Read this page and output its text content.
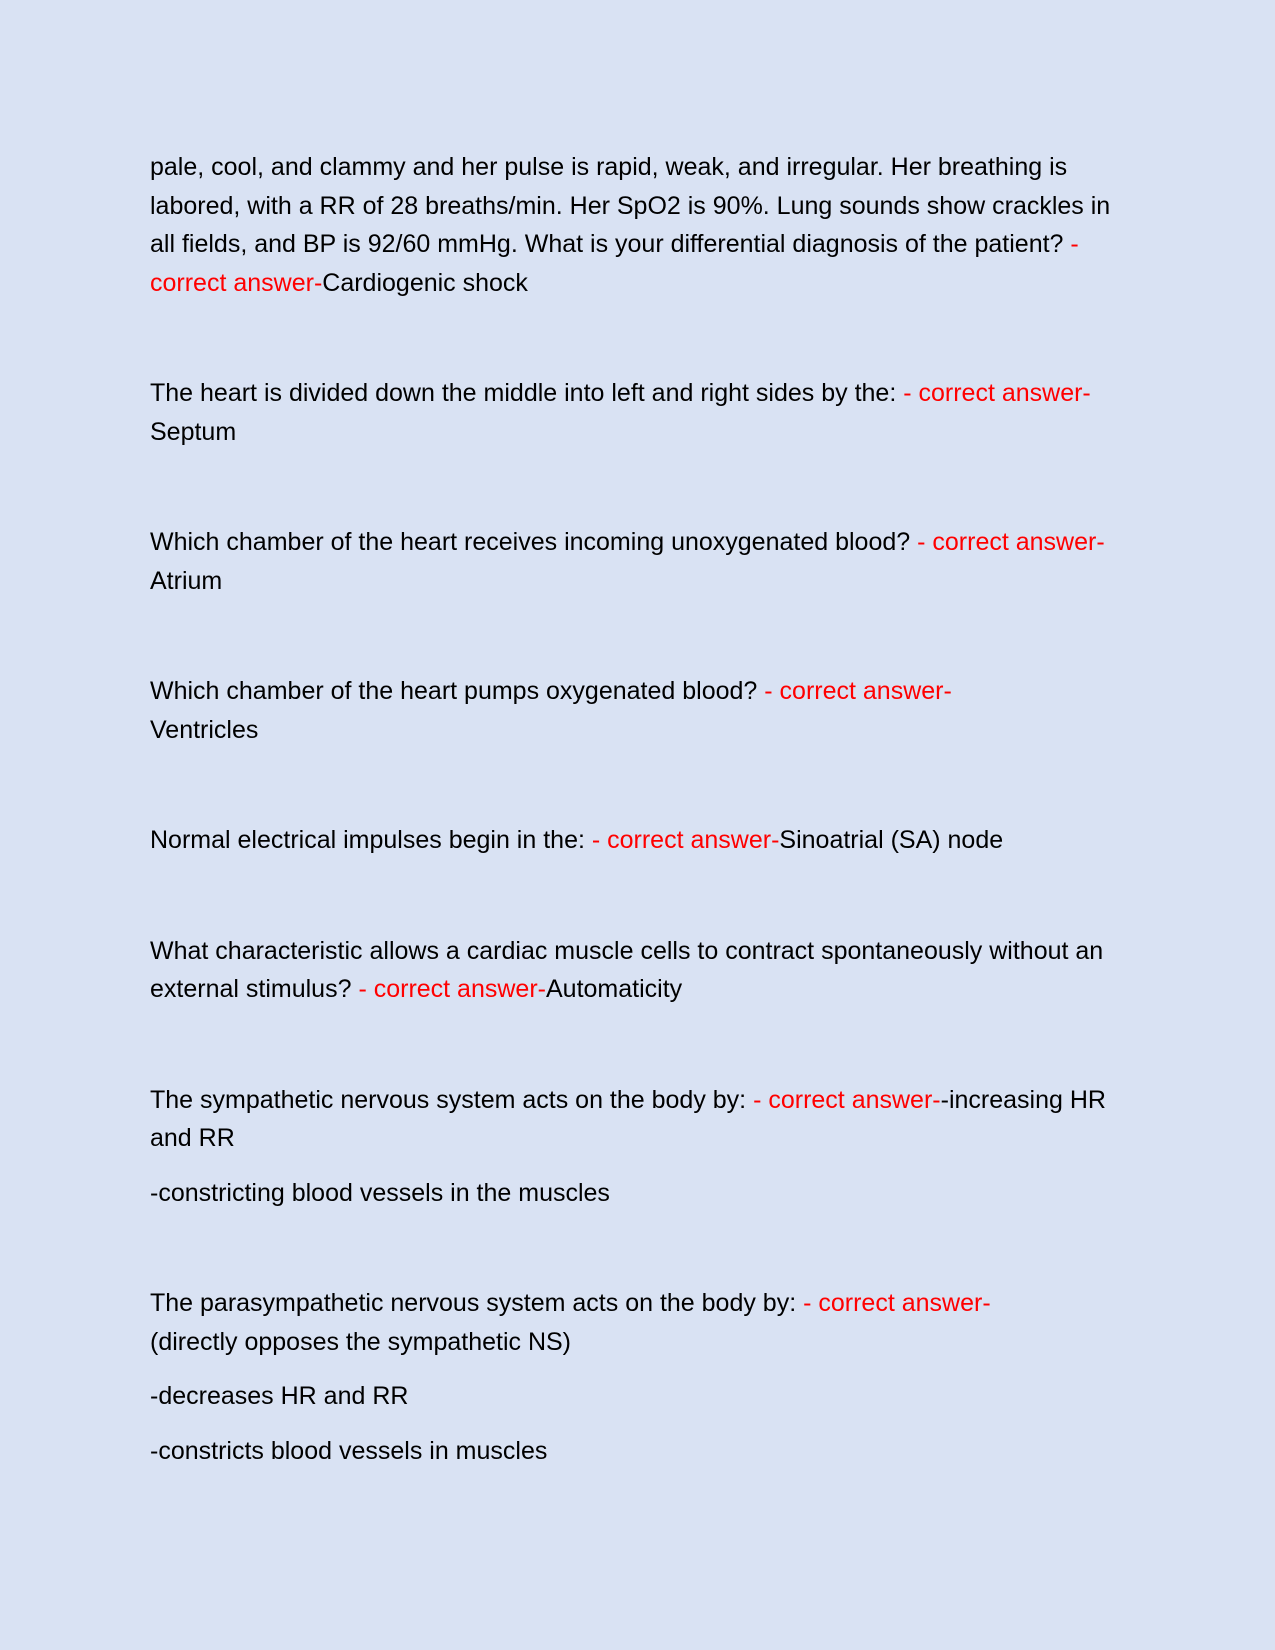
pale, cool, and clammy and her pulse is rapid, weak, and irregular. Her breathing is labored, with a RR of 28 breaths/min. Her SpO2 is 90%. Lung sounds show crackles in all fields, and BP is 92/60 mmHg. What is your differential diagnosis of the patient? - correct answer-Cardiogenic shock

The heart is divided down the middle into left and right sides by the: - correct answer-Septum

Which chamber of the heart receives incoming unoxygenated blood? - correct answer-Atrium

Which chamber of the heart pumps oxygenated blood? - correct answer-
Ventricles

Normal electrical impulses begin in the: - correct answer-Sinoatrial (SA) node

What characteristic allows a cardiac muscle cells to contract spontaneously without an external stimulus? - correct answer-Automaticity

The sympathetic nervous system acts on the body by: - correct answer--increasing HR and RR

-constricting blood vessels in the muscles

The parasympathetic nervous system acts on the body by: - correct answer-
(directly opposes the sympathetic NS)

-decreases HR and RR

-constricts blood vessels in muscles
